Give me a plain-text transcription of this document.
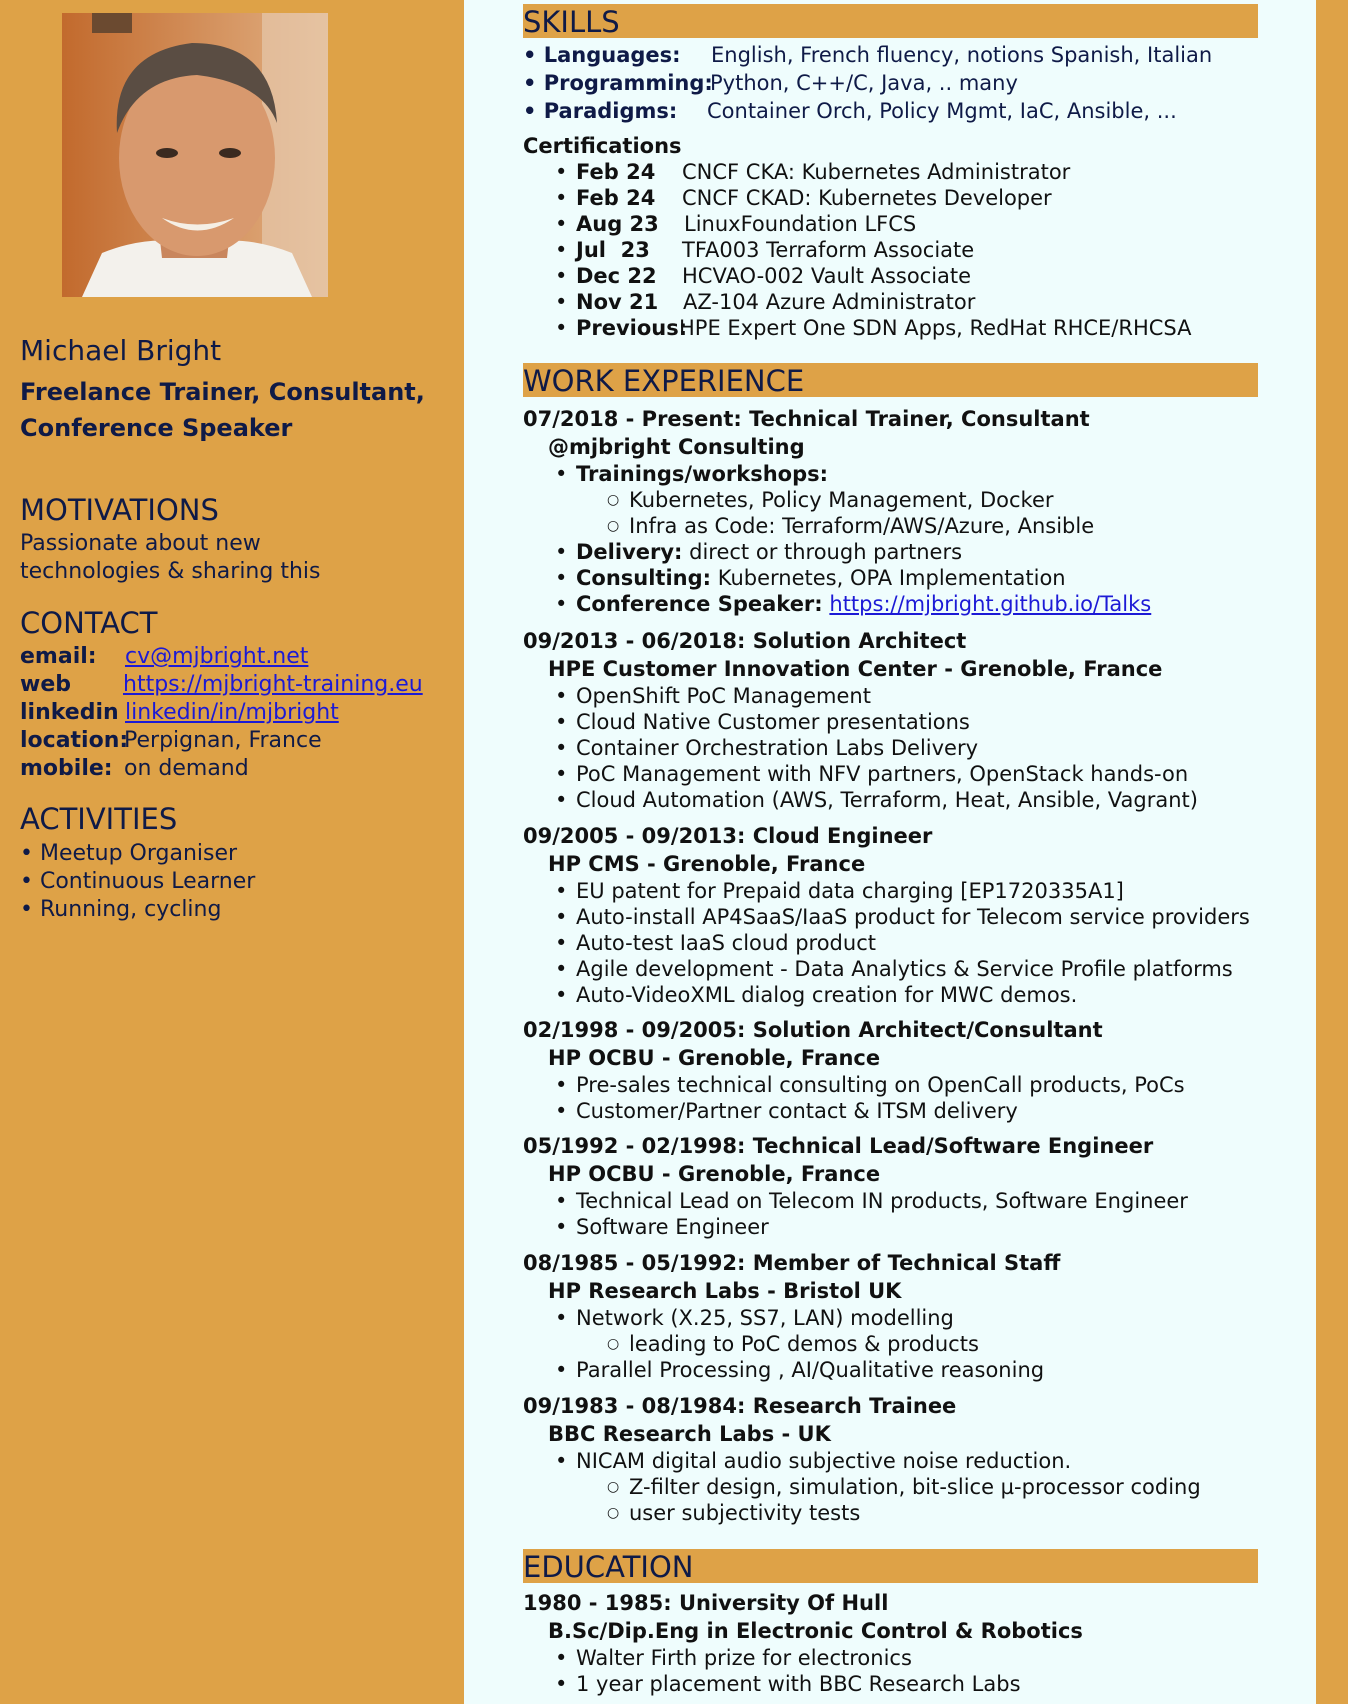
Michael Bright
Freelance Trainer, Consultant, Conference Speaker
MOTIVATIONS
Passionate about new
technologies & sharing this
CONTACT
email: cv@mjbright.net
web https://mjbright-training.eu
linkedin linkedin/in/mjbright
location:
Perpignan, France
mobile: on demand
ACTIVITIES
• Meetup Organiser
• Continuous Learner
• Running, cycling
SKILLS
• Languages: English, French fluency, notions Spanish, Italian
• Programming:
Python, C++/C, Java, .. many
• Paradigms: Container Orch, Policy Mgmt, IaC, Ansible, ...
Certifications
• Feb 24 CNCF CKA: Kubernetes Administrator
• Feb 24 CNCF CKAD: Kubernetes Developer
• Aug 23 LinuxFoundation LFCS
• Jul  23 TFA003 Terraform Associate
• Dec 22 HCVAO-002 Vault Associate
• Nov 21 AZ-104 Azure Administrator
• Previous:
HPE Expert One SDN Apps, RedHat RHCE/RHCSA
WORK EXPERIENCE
07/2018 - Present: Technical Trainer, Consultant
@mjbright Consulting
• Trainings/workshops:
○ Kubernetes, Policy Management, Docker
○ Infra as Code: Terraform/AWS/Azure, Ansible
• Delivery: direct or through partners
• Consulting: Kubernetes, OPA Implementation
• Conference Speaker: https://mjbright.github.io/Talks
09/2013 - 06/2018: Solution Architect
HPE Customer Innovation Center - Grenoble, France
• OpenShift PoC Management
• Cloud Native Customer presentations
• Container Orchestration Labs Delivery
• PoC Management with NFV partners, OpenStack hands-on
• Cloud Automation (AWS, Terraform, Heat, Ansible, Vagrant)
09/2005 - 09/2013: Cloud Engineer
HP CMS - Grenoble, France
• EU patent for Prepaid data charging [EP1720335A1]
• Auto-install AP4SaaS/IaaS product for Telecom service providers
• Auto-test IaaS cloud product
• Agile development - Data Analytics & Service Profile platforms
• Auto-VideoXML dialog creation for MWC demos.
02/1998 - 09/2005: Solution Architect/Consultant
HP OCBU - Grenoble, France
• Pre-sales technical consulting on OpenCall products, PoCs
• Customer/Partner contact & ITSM delivery
05/1992 - 02/1998: Technical Lead/Software Engineer
HP OCBU - Grenoble, France
• Technical Lead on Telecom IN products, Software Engineer
• Software Engineer
08/1985 - 05/1992: Member of Technical Staff
HP Research Labs - Bristol UK
• Network (X.25, SS7, LAN) modelling
○ leading to PoC demos & products
• Parallel Processing , AI/Qualitative reasoning
09/1983 - 08/1984: Research Trainee
BBC Research Labs - UK
• NICAM digital audio subjective noise reduction.
○ Z-filter design, simulation, bit-slice µ-processor coding
○ user subjectivity tests
EDUCATION
1980 - 1985: University Of Hull
B.Sc/Dip.Eng in Electronic Control & Robotics
• Walter Firth prize for electronics
• 1 year placement with BBC Research Labs
